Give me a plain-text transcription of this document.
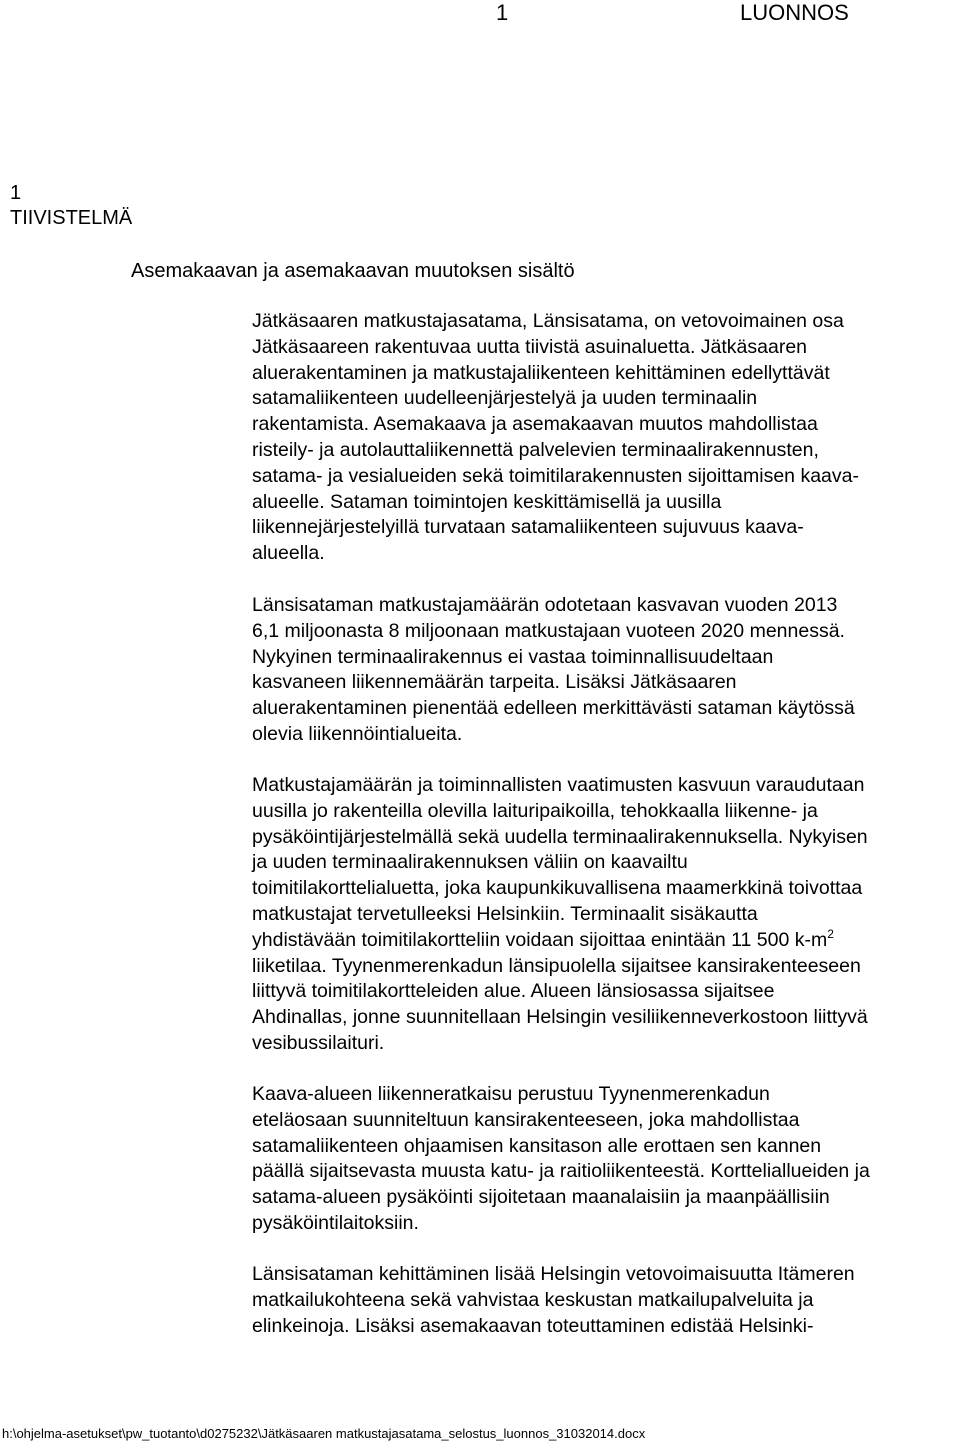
1	LUONNOS
1
TIIVISTELMÄ
Asemakaavan ja asemakaavan muutoksen sisältö

Jätkäsaaren matkustajasatama, Länsisatama, on vetovoimainen osa
Jätkäsaareen rakentuvaa uutta tiivistä asuinaluetta. Jätkäsaaren
aluerakentaminen ja matkustajaliikenteen kehittäminen edellyttävät
satamaliikenteen uudelleenjärjestelyä ja uuden terminaalin
rakentamista. Asemakaava ja asemakaavan muutos mahdollistaa
risteily- ja autolauttaliikennettä palvelevien terminaalirakennusten,
satama- ja vesialueiden sekä toimitilarakennusten sijoittamisen kaava-
alueelle. Sataman toimintojen keskittämisellä ja uusilla
liikennejärjestelyillä turvataan satamaliikenteen sujuvuus kaava-
alueella.

Länsisataman matkustajamäärän odotetaan kasvavan vuoden 2013
6,1 miljoonasta 8 miljoonaan matkustajaan vuoteen 2020 mennessä.
Nykyinen terminaalirakennus ei vastaa toiminnallisuudeltaan
kasvaneen liikennemäärän tarpeita. Lisäksi Jätkäsaaren
aluerakentaminen pienentää edelleen merkittävästi sataman käytössä
olevia liikennöintialueita.

Matkustajamäärän ja toiminnallisten vaatimusten kasvuun varaudutaan
uusilla jo rakenteilla olevilla laituripaikoilla, tehokkaalla liikenne- ja
pysäköintijärjestelmällä sekä uudella terminaalirakennuksella. Nykyisen
ja uuden terminaalirakennuksen väliin on kaavailtu
toimitilakorttelialuetta, joka kaupunkikuvallisena maamerkkinä toivottaa
matkustajat tervetulleeksi Helsinkiin. Terminaalit sisäkautta
yhdistävään toimitilakortteliin voidaan sijoittaa enintään 11 500 $k-m^2$
liiketilaa. Tyynenmerenkadun länsipuolella sijaitsee kansirakenteeseen
liittyvä toimitilakortteleiden alue. Alueen länsiosassa sijaitsee
Ahdinallas, jonne suunnitellaan Helsingin vesiliikenneverkostoon liittyvä
vesibussilaituri.

Kaava-alueen liikenneratkaisu perustuu Tyynenmerenkadun
eteläosaan suunniteltuun kansirakenteeseen, joka mahdollistaa
satamaliikenteen ohjaamisen kansitason alle erottaen sen kannen
päällä sijaitsevasta muusta katu- ja raitioliikenteestä. Kortteliallueiden ja
satama-alueen pysäköinti sijoitetaan maanalaisiin ja maanpäällisiin
pysäköintilaitoksiin.

Länsisataman kehittäminen lisää Helsingin vetovoimaisuutta Itämeren
matkailukohteena sekä vahvistaa keskustan matkailupalveluita ja
elinkeinoja. Lisäksi asemakaavan toteuttaminen edistää Helsinki-

h:\ohjelma-asetukset\pw_tuotanto\d0275232\Jätkäsaaren matkustajasatama_selostus_luonnos_31032014.docx
